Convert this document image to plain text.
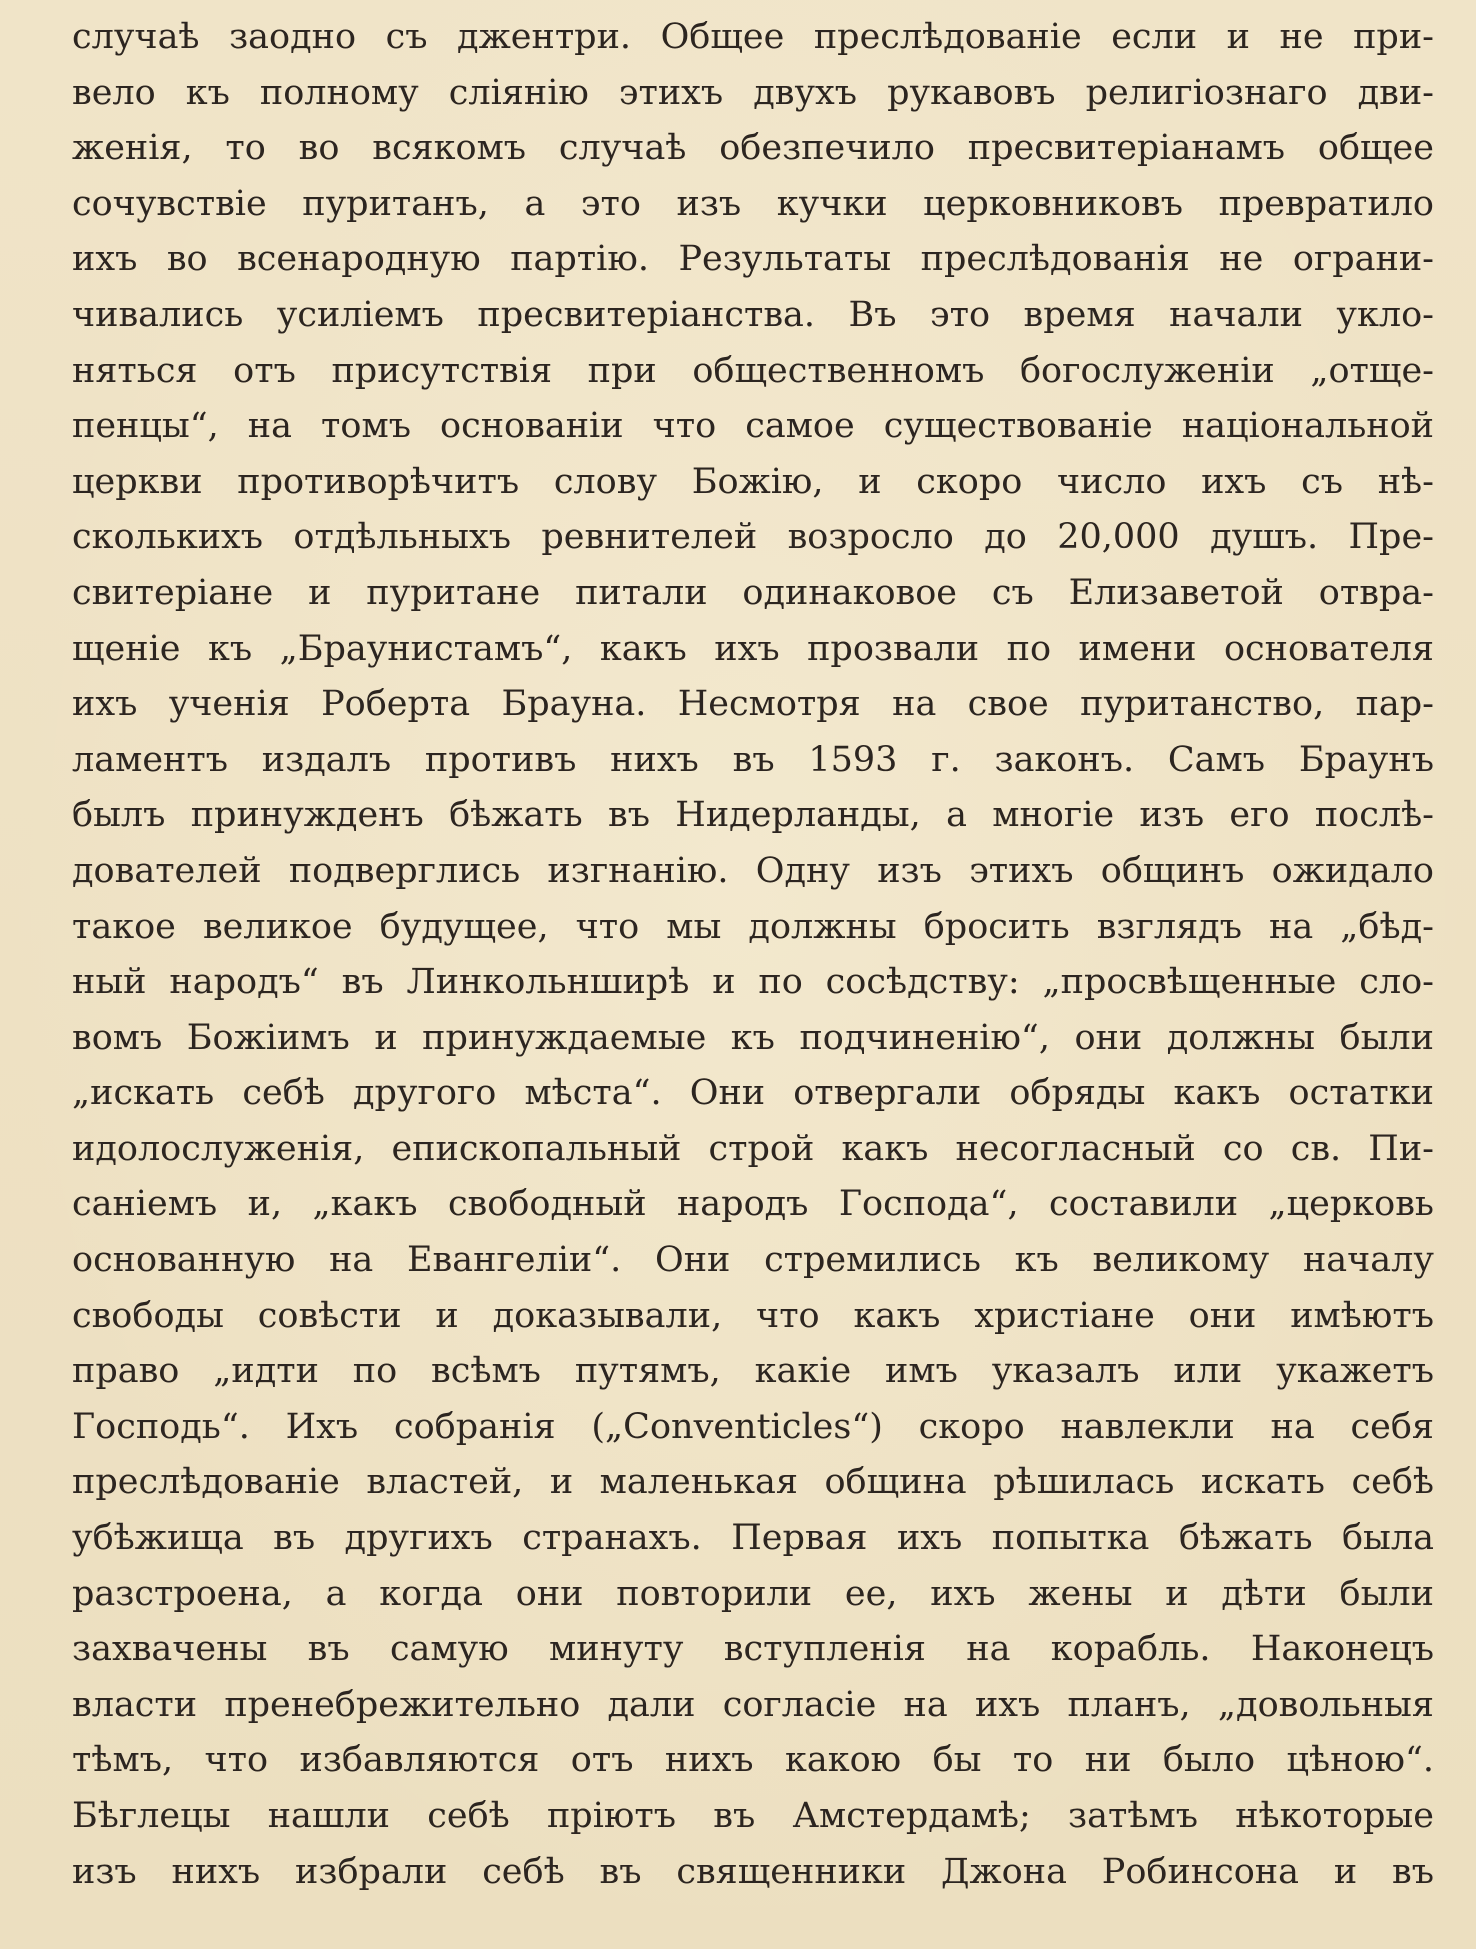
случаѣ заодно съ джентри. Общее преслѣдованіе если и не при-
вело къ полному слiянію этихъ двухъ рукавовъ религіознаго дви-
женія, то во всякомъ случаѣ обезпечило пресвитеріанамъ общее
сочувствіе пуританъ, а это изъ кучки церковниковъ превратило
ихъ во всенародную партію. Результаты преслѣдованія не ограни-
чивались усиліемъ пресвитеріанства. Въ это время начали укло-
няться отъ присутствія при общественномъ богослуженіи „отще-
пенцы“, на томъ основаніи что самое существованіе національной
церкви противорѣчитъ слову Божію, и скоро число ихъ съ нѣ-
сколькихъ отдѣльныхъ ревнителей возросло до 20,000 душъ. Пре-
свитеріане и пуритане питали одинаковое съ Елизаветой отвра-
щеніе къ „Браунистамъ“, какъ ихъ прозвали по имени основателя
ихъ ученія Роберта Брауна. Несмотря на свое пуританство, пар-
ламентъ издалъ противъ нихъ въ 1593 г. законъ. Самъ Браунъ
былъ принужденъ бѣжать въ Нидерланды, а многіе изъ его послѣ-
дователей подверглись изгнанію. Одну изъ этихъ общинъ ожидало
такое великое будущее, что мы должны бросить взглядъ на „бѣд-
ный народъ“ въ Линкольнширѣ и по сосѣдству: „просвѣщенные сло-
вомъ Божіимъ и принуждаемые къ подчиненію“, они должны были
„искать себѣ другого мѣста“. Они отвергали обряды какъ остатки
идолослуженія, епископальный строй какъ несогласный со св. Пи-
саніемъ и, „какъ свободный народъ Господа“, составили „церковь
основанную на Евангеліи“. Они стремились къ великому началу
свободы совѣсти и доказывали, что какъ христіане они имѣютъ
право „идти по всѣмъ путямъ, какіе имъ указалъ или укажетъ
Господь“. Ихъ собранія („Conventicles“) скоро навлекли на себя
преслѣдованіе властей, и маленькая община рѣшилась искать себѣ
убѣжища въ другихъ странахъ. Первая ихъ попытка бѣжать была
разстроена, а когда они повторили ее, ихъ жены и дѣти были
захвачены въ самую минуту вступленія на корабль. Наконецъ
власти пренебрежительно дали согласіе на ихъ планъ, „довольныя
тѣмъ, что избавляются отъ нихъ какою бы то ни было цѣною“.
Бѣглецы нашли себѣ пріютъ въ Амстердамѣ; затѣмъ нѣкоторые
изъ нихъ избрали себѣ въ священники Джона Робинсона и въ
